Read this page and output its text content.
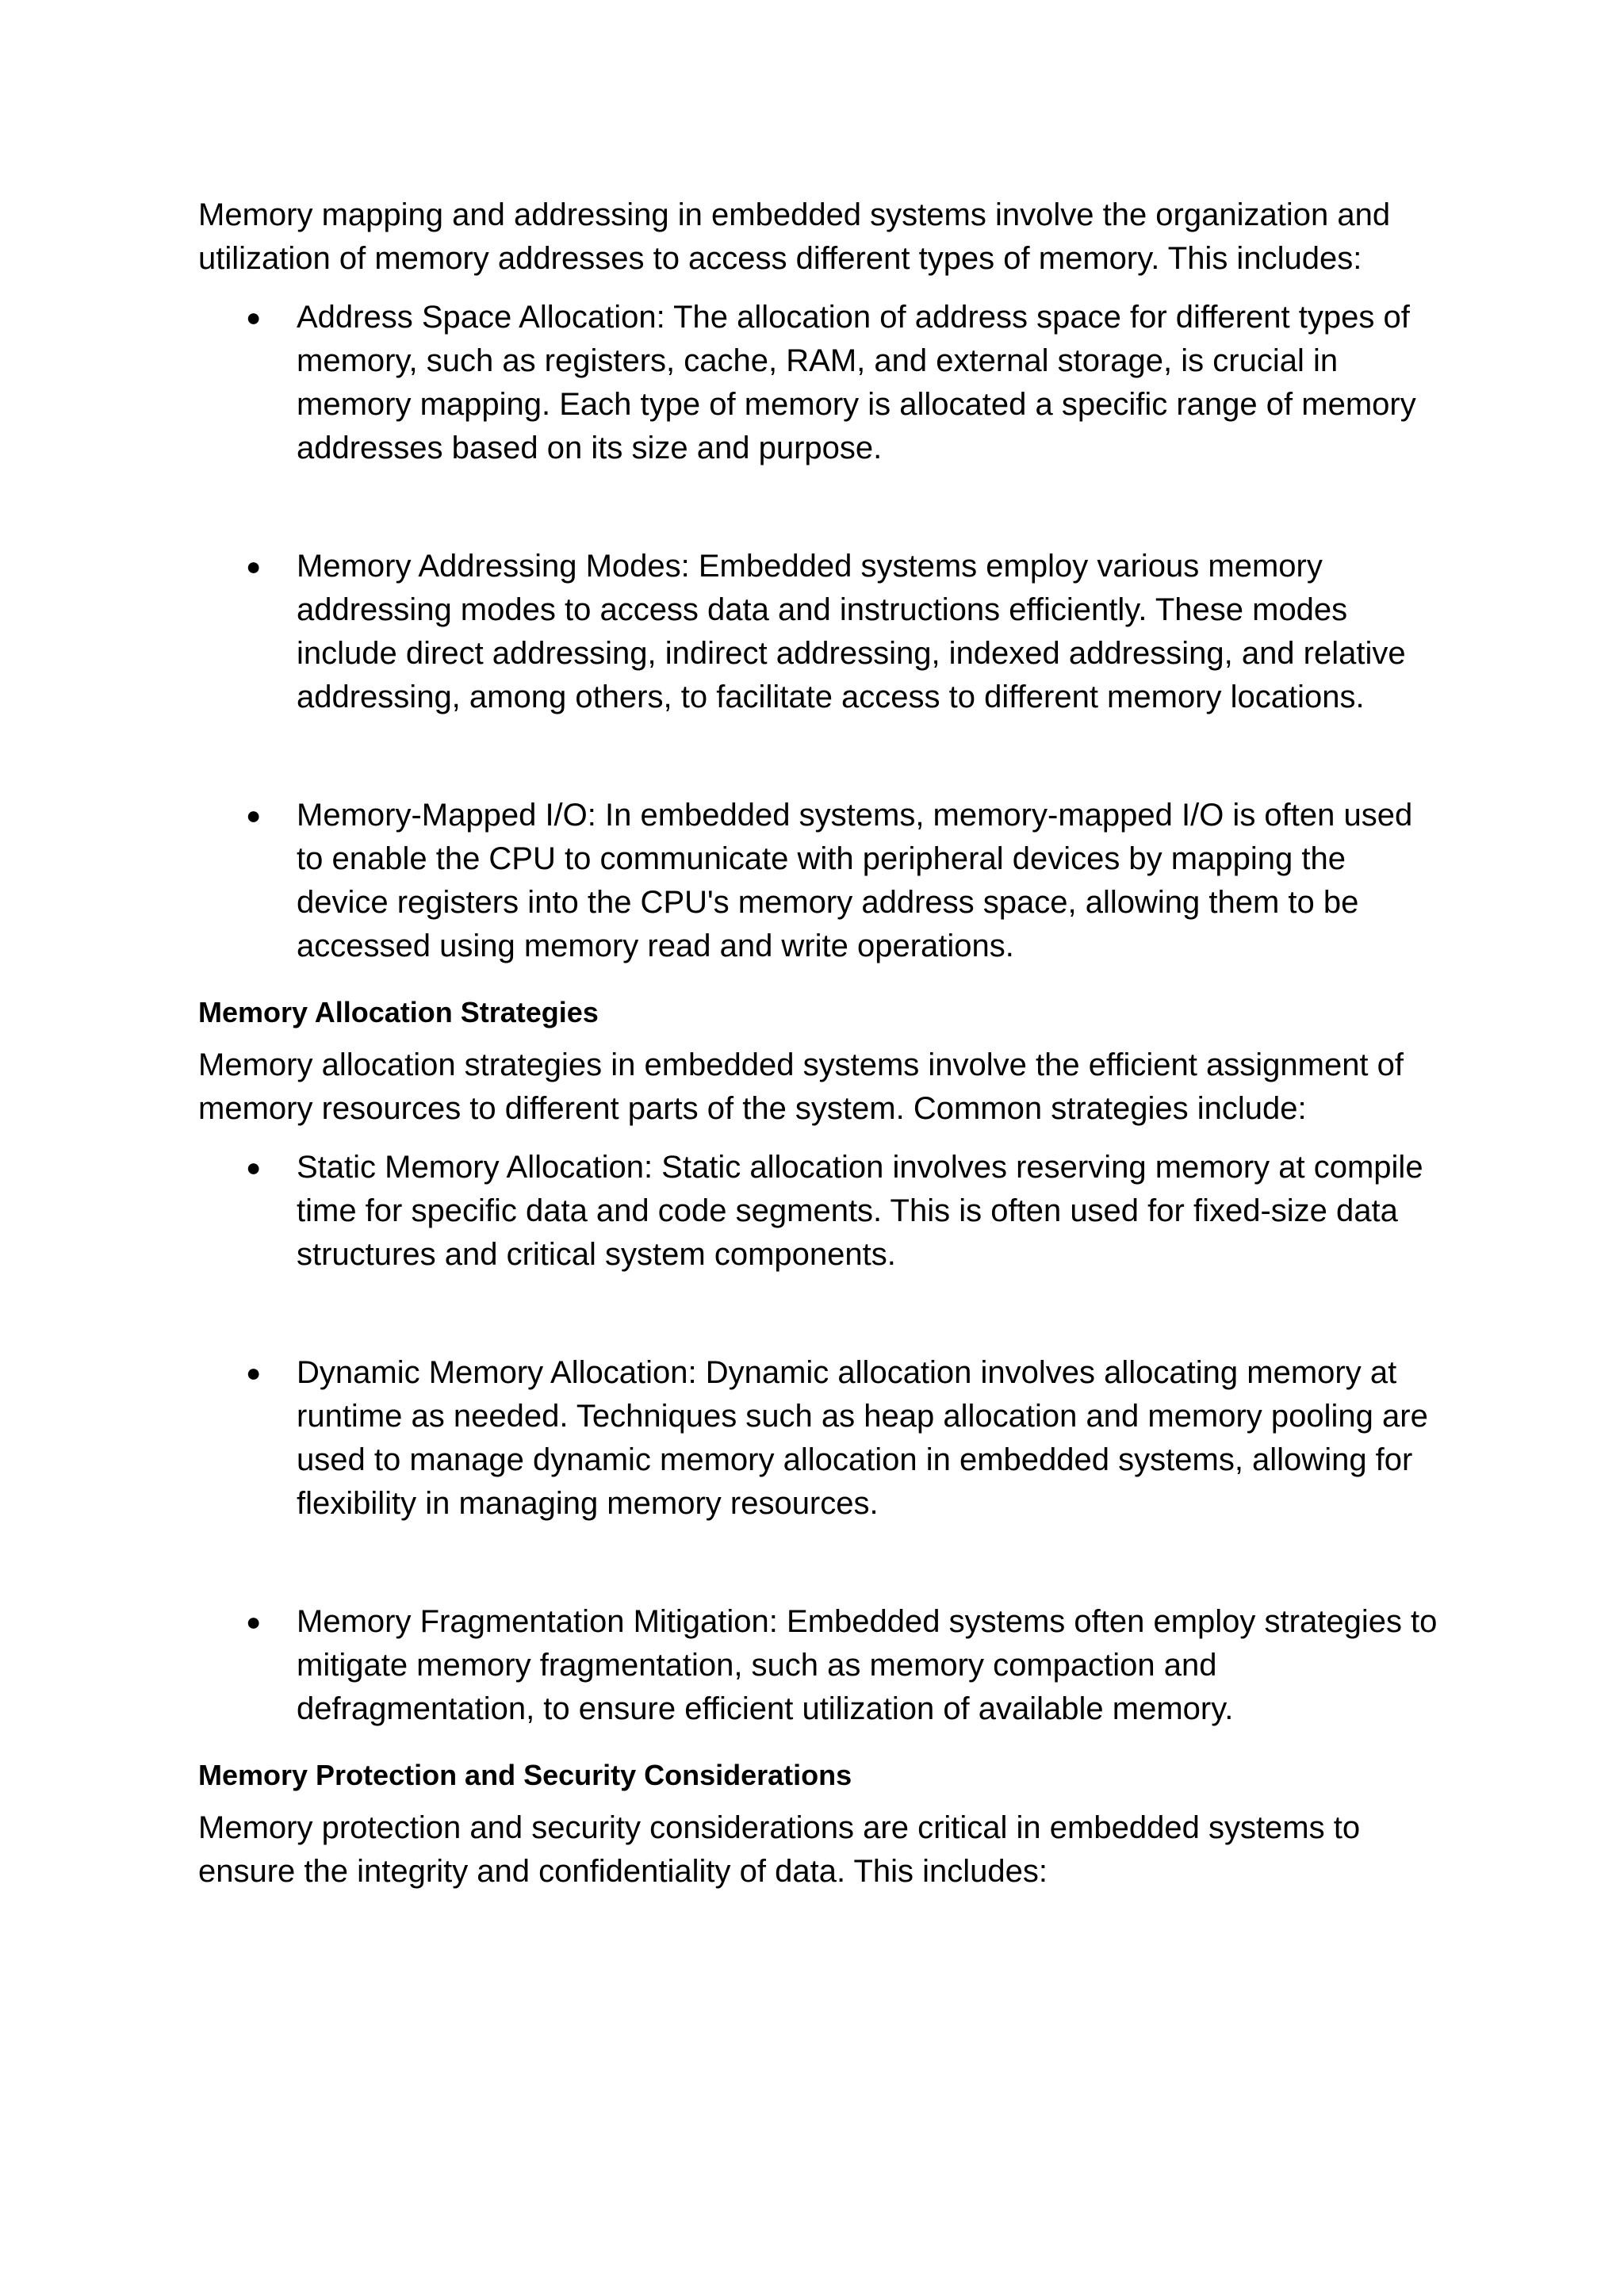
Memory mapping and addressing in embedded systems involve the organization and utilization of memory addresses to access different types of memory. This includes:

● Address Space Allocation: The allocation of address space for different types of memory, such as registers, cache, RAM, and external storage, is crucial in memory mapping. Each type of memory is allocated a specific range of memory addresses based on its size and purpose.
● Memory Addressing Modes: Embedded systems employ various memory addressing modes to access data and instructions efficiently. These modes include direct addressing, indirect addressing, indexed addressing, and relative addressing, among others, to facilitate access to different memory locations.
● Memory-Mapped I/O: In embedded systems, memory-mapped I/O is often used to enable the CPU to communicate with peripheral devices by mapping the device registers into the CPU's memory address space, allowing them to be accessed using memory read and write operations.
Memory Allocation Strategies

Memory allocation strategies in embedded systems involve the efficient assignment of memory resources to different parts of the system. Common strategies include:

● Static Memory Allocation: Static allocation involves reserving memory at compile time for specific data and code segments. This is often used for fixed-size data structures and critical system components.
● Dynamic Memory Allocation: Dynamic allocation involves allocating memory at runtime as needed. Techniques such as heap allocation and memory pooling are used to manage dynamic memory allocation in embedded systems, allowing for flexibility in managing memory resources.
● Memory Fragmentation Mitigation: Embedded systems often employ strategies to mitigate memory fragmentation, such as memory compaction and defragmentation, to ensure efficient utilization of available memory.
Memory Protection and Security Considerations

Memory protection and security considerations are critical in embedded systems to ensure the integrity and confidentiality of data. This includes:
